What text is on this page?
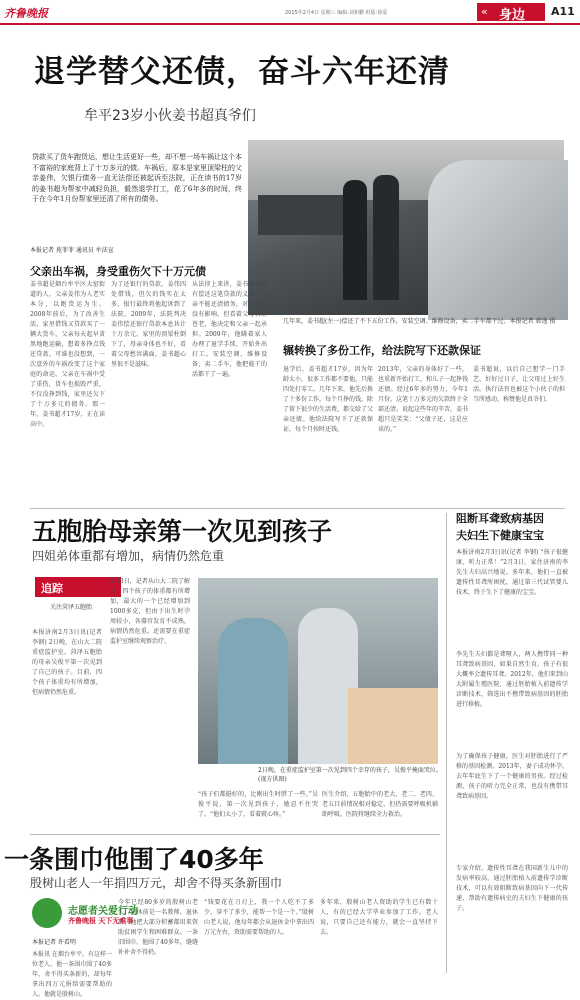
齐鲁晚报	2015年2月4日 星期三 编辑:刘和鹏 组版:徐爱	« 身边 A11
退学替父还债，奋斗六年还清
牟平23岁小伙姜书超真爷们
贷款买了货车跑货运，想让生活更好一些，却不想一场车祸让这个本不富裕的家庭背上了十万多元的债。车祸后，原本是家里顶梁柱的父亲姜伟，欠银行债务一直无法偿还被起诉至法院，正在读书的17岁的姜书超为帮家中减轻负担，毅然退学打工，花了6年多的时间，终于在今年1月份帮家里还清了所有的债务。
本报记者 苑菲菲 通讯员 牟法宣
父亲出车祸，身受重伤欠下十万元债
几年来，姜书超(左一)偿还了不下五份工作，安装空调、维修设备，卖二手车都干过。本报记者 韩逸 摄
辗转换了多份工作，给法院写下还款保证
姜书超是烟台牟平区大窑街道的人，父亲姜伟为人老实本分，以跑货运为生。2008年前后，为了改善生活，家里借钱又贷款买了一辆大货车，父亲每天起早贪黑地跑运输，想着多挣点钱还贷款。可谁也没想到，一次意外的车祸改变了这个家庭的命运。父亲在车祸中受了重伤，货车也损毁严重，不仅没挣到钱，家里还欠下了十万多元的债务。那一年，姜书超才17岁，正在读高中。
为了还银行的贷款，姜伟四处借钱，但欠的钱实在太多，银行最终将他起诉到了法院。2009年，法院判决姜伟偿还银行贷款本息共计十万余元。家里的顶梁柱倒下了，母亲身体也不好，看着父母愁容满面，姜书超心里很不是滋味。
从法律上来讲，姜书超并没有偿还这笔贷款的义务，父亲不能还清债务，对其子女没有影响。但看着父母日渐苍老，他决定和父亲一起承担。2009年，他瞒着家人办理了退学手续，开始外出打工。安装空调、维修设备、卖二手车，他把能干的活都干了一遍。
退学后，姜书超才17岁，因为年龄太小，很多工作都不要他，只能四处打零工。几年下来，他先后换了十多份工作，每个月挣的钱，除了留下很少的生活费，都交给了父亲还债。他给法院写下了还款保证，每个月按时还钱。
2013年，父亲的身体好了一些，也重新开始打工，和儿子一起挣钱还债。经过6年多的努力，今年1月份，这笔十万多元的欠款终于全部还清。说起这些年的辛苦，姜书超只是笑笑：“父债子还，这是应该的。”
姜书超说，以后自己想学一门手艺，好好过日子，让父母过上好生活。执行法官也被这个小伙子的担当所感动，称赞他是真爷们。
五胞胎母亲第一次见到孩子
四姐弟体重都有增加，病情仍然危重
追踪
关注菏泽五胞胎
本报济南2月3日讯(记者 李钢) 2日晚，在山大二院重症监护室，菏泽五胞胎的母亲吴俊平第一次见到了自己的孩子。目前，四个孩子体重均有所增加，但病情仍然危重。
2月3日，记者从山大二院了解到，四个孩子的体重都有所增加，最大的一个已经增加到1000多克，但由于出生时孕周较小，各器官发育不成熟，病情仍然危重，还需要在重症监护室继续观察治疗。
2日晚，在重症监护室第一次见到四个幸存的孩子，吴俊平掩面哭泣。 (视方供图)
“孩子们都挺好的，比刚出生时胖了一些。”吴俊平说，第一次见到孩子，她忍不住哭了。“他们太小了，看着就心疼。”
医生介绍，五胞胎中的老大、老二、老四、老五目前情况相对稳定，但仍需要呼吸机辅助呼吸。医院将继续全力救治。
阻断耳聋致病基因
夫妇生下健康宝宝
本报济南2月3日讯(记者 李钢) “孩子很健康，听力正常！”2月3日，家住济南的李先生夫妇高兴地说。多年来，他们一直被遗传性耳聋所困扰，通过第三代试管婴儿技术，终于生下了健康的宝宝。
李先生夫妇都是聋哑人，两人携带同一种耳聋致病基因，如果自然生育，孩子有很大概率会遗传耳聋。2012年，他们来到山大附属生殖医院，通过胚胎植入前遗传学诊断技术，筛选出不携带致病基因的胚胎进行移植。
为了确保孩子健康，医生对胚胎进行了严格的基因检测。2013年，妻子成功怀孕，去年年底生下了一个健康的男孩。经过检测，孩子的听力完全正常，也没有携带耳聋致病基因。
专家介绍，遗传性耳聋在我国新生儿中的发病率较高，通过胚胎植入前遗传学诊断技术，可以有效阻断致病基因向下一代传递，帮助有遗传病史的夫妇生下健康的孩子。
一条围巾他围了40多年
殷树山老人一年捐四万元，却舍不得买条新围巾
志愿者关爱行动
齐鲁晚报 天下无难事
本报记者 许看明
本报讯 在烟台牟平，有这样一位老人，他一条围巾围了40多年，舍不得买条新的，却每年拿出四万元捐给需要帮助的人。他就是殷树山。
今年已经80多岁的殷树山老人，退休前是一名教师。退休后，他把大部分积蓄都用来资助贫困学生和困难群众。一条旧围巾，他围了40多年，缝缝补补舍不得扔。
“钱要花在刀刃上，我一个人吃不了多少，穿不了多少，能帮一个是一个。”殷树山老人说，他每年都会从退休金中拿出四万元左右，资助需要帮助的人。
多年来，殷树山老人资助的学生已有数十人，有的已经大学毕业参加了工作。老人说，只要自己还有能力，就会一直坚持下去。
